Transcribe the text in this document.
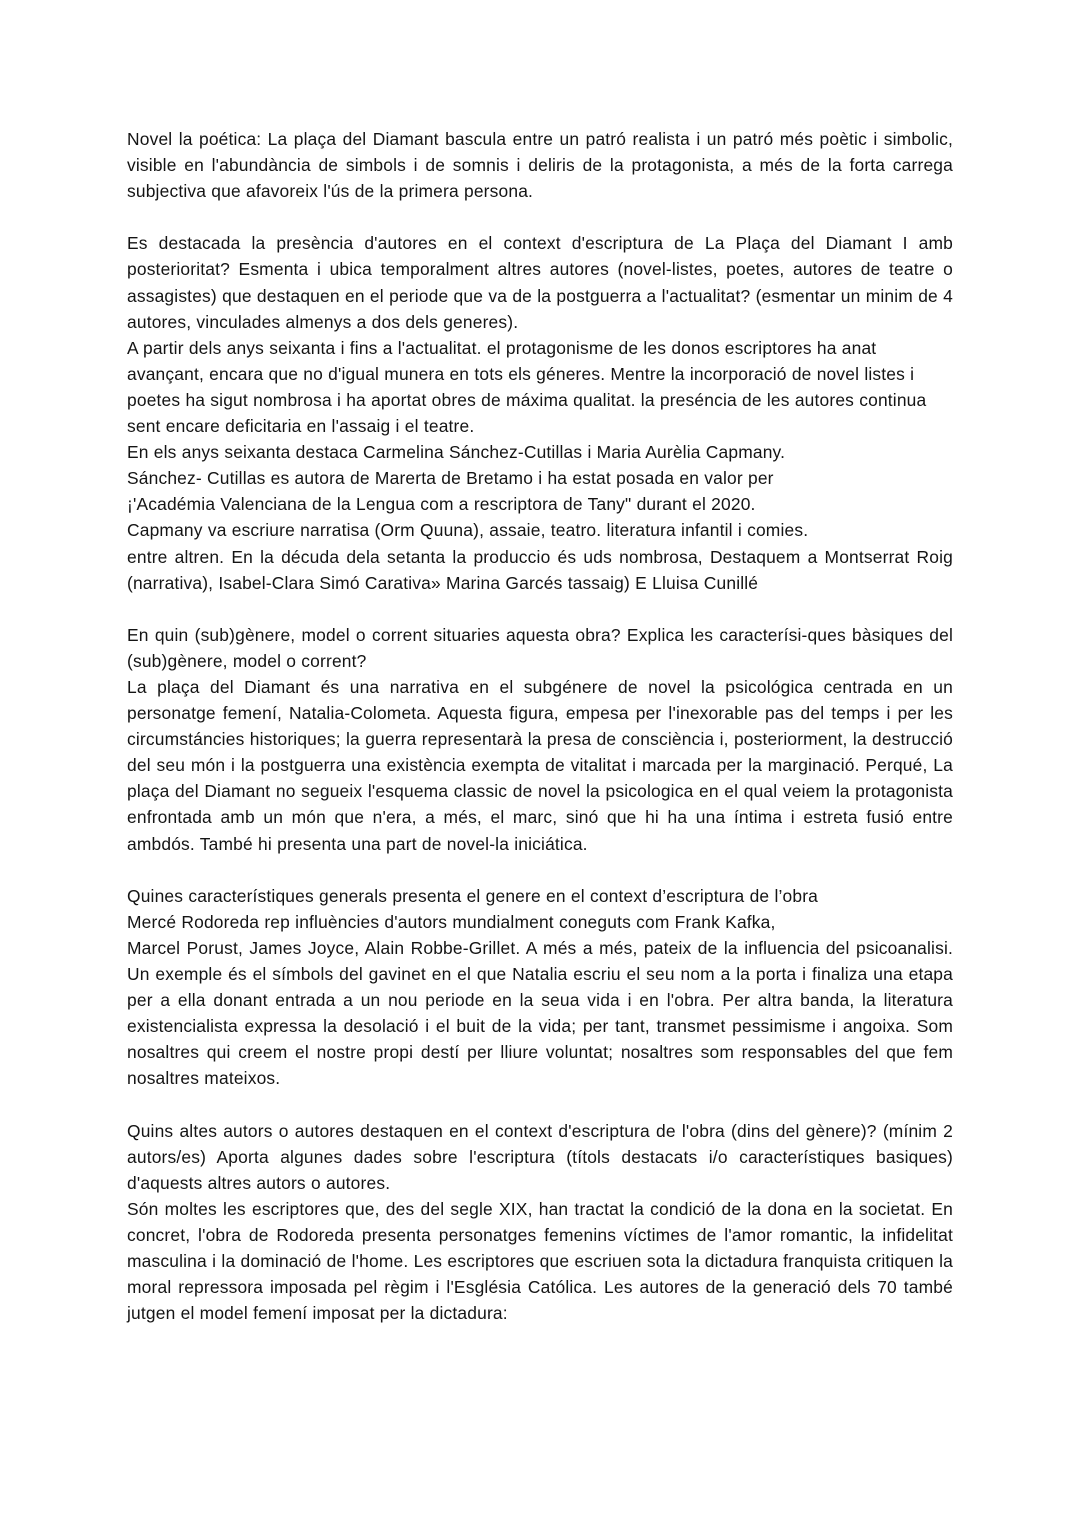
Novel la poética: La plaça del Diamant bascula entre un patró realista i un patró més poètic i simbolic, visible en l'abundància de simbols i de somnis i deliris de la protagonista, a més de la forta carrega subjectiva que afavoreix l'ús de la primera persona.

Es destacada la presència d'autores en el context d'escriptura de La Plaça del Diamant I amb posterioritat? Esmenta i ubica temporalment altres autores (novel-listes, poetes, autores de teatre o assagistes) que destaquen en el periode que va de la postguerra a l'actualitat? (esmentar un minim de 4 autores, vinculades almenys a dos dels generes).

A partir dels anys seixanta i fins a l'actualitat. el protagonisme de les donos escriptores ha anat avançant, encara que no d'igual munera en tots els géneres. Mentre la incorporació de novel listes i poetes ha sigut nombrosa i ha aportat obres de máxima qualitat. la preséncia de les autores continua sent encare deficitaria en l'assaig i el teatre.

En els anys seixanta destaca Carmelina Sánchez-Cutillas i Maria Aurèlia Capmany.

Sánchez- Cutillas es autora de Marerta de Bretamo i ha estat posada en valor per

¡'Académia Valenciana de la Lengua com a rescriptora de Tany" durant el 2020.

Capmany va escriure narratisa (Orm Quuna), assaie, teatro. literatura infantil i comies.

entre altren. En la décuda dela setanta la produccio és uds nombrosa, Destaquem a Montserrat Roig (narrativa), Isabel-Clara Simó Carativa» Marina Garcés tassaig) E Lluisa Cunillé

En quin (sub)gènere, model o corrent situaries aquesta obra? Explica les caracterísi-ques bàsiques del (sub)gènere, model o corrent?

La plaça del Diamant és una narrativa en el subgénere de novel la psicológica centrada en un personatge femení, Natalia-Colometa. Aquesta figura, empesa per l'inexorable pas del temps i per les circumstáncies historiques; la guerra representarà la presa de consciència i, posteriorment, la destrucció del seu món i la postguerra una existència exempta de vitalitat i marcada per la marginació. Perqué, La plaça del Diamant no segueix l'esquema classic de novel la psicologica en el qual veiem la protagonista enfrontada amb un món que n'era, a més, el marc, sinó que hi ha una íntima i estreta fusió entre ambdós. També hi presenta una part de novel-la iniciática.

Quines característiques generals presenta el genere en el context d’escriptura de l’obra

Mercé Rodoreda rep influències d'autors mundialment coneguts com Frank Kafka,

Marcel Porust, James Joyce, Alain Robbe-Grillet. A més a més, pateix de la influencia del psicoanalisi. Un exemple és el símbols del gavinet en el que Natalia escriu el seu nom a la porta i finaliza una etapa per a ella donant entrada a un nou periode en la seua vida i en l'obra. Per altra banda, la literatura existencialista expressa la desolació i el buit de la vida; per tant, transmet pessimisme i angoixa. Som nosaltres qui creem el nostre propi destí per lliure voluntat; nosaltres som responsables del que fem nosaltres mateixos.

Quins altes autors o autores destaquen en el context d'escriptura de l'obra (dins del gènere)? (mínim 2 autors/es) Aporta algunes dades sobre l'escriptura (títols destacats i/o característiques basiques) d'aquests altres autors o autores.

Són moltes les escriptores que, des del segle XIX, han tractat la condició de la dona en la societat. En concret, l'obra de Rodoreda presenta personatges femenins víctimes de l'amor romantic, la infidelitat masculina i la dominació de l'home. Les escriptores que escriuen sota la dictadura franquista critiquen la moral repressora imposada pel règim i l'Església Católica. Les autores de la generació dels 70 també jutgen el model femení imposat per la dictadura:
